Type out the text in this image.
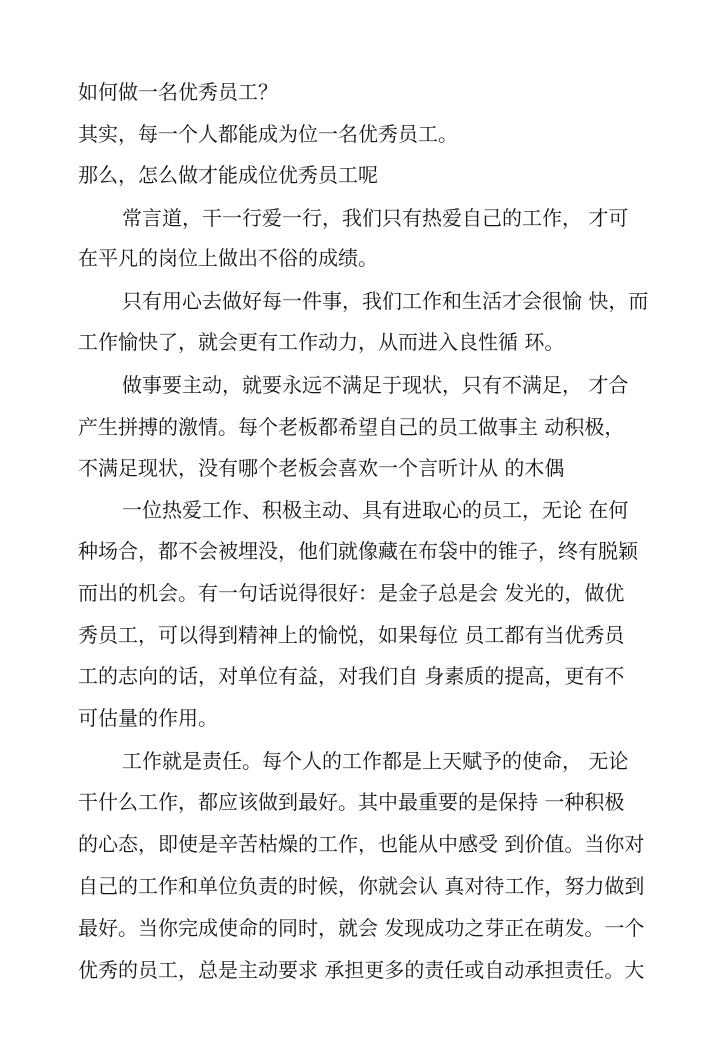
如何做一名优秀员工？
其实，每一个人都能成为位一名优秀员工。
那么，怎么做才能成位优秀员工呢
常言道，干一行爱一行，我们只有热爱自己的工作， 才可
在平凡的岗位上做出不俗的成绩。
只有用心去做好每一件事，我们工作和生活才会很愉 快，而
工作愉快了，就会更有工作动力，从而进入良性循 环。
做事要主动，就要永远不满足于现状，只有不满足， 才合
产生拼搏的激情。每个老板都希望自己的员工做事主 动积极，
不满足现状，没有哪个老板会喜欢一个言听计从 的木偶
一位热爱工作、积极主动、具有进取心的员工，无论 在何
种场合，都不会被埋没，他们就像藏在布袋中的锥子，终有脱颖
而出的机会。有一句话说得很好：是金子总是会 发光的，做优
秀员工，可以得到精神上的愉悦，如果每位 员工都有当优秀员
工的志向的话，对单位有益，对我们自 身素质的提高，更有不
可估量的作用。
工作就是责任。每个人的工作都是上天赋予的使命， 无论
干什么工作，都应该做到最好。其中最重要的是保持 一种积极
的心态，即使是辛苦枯燥的工作，也能从中感受 到价值。当你对
自己的工作和单位负责的时候，你就会认 真对待工作，努力做到
最好。当你完成使命的同时，就会 发现成功之芽正在萌发。一个
优秀的员工，总是主动要求 承担更多的责任或自动承担责任。大
